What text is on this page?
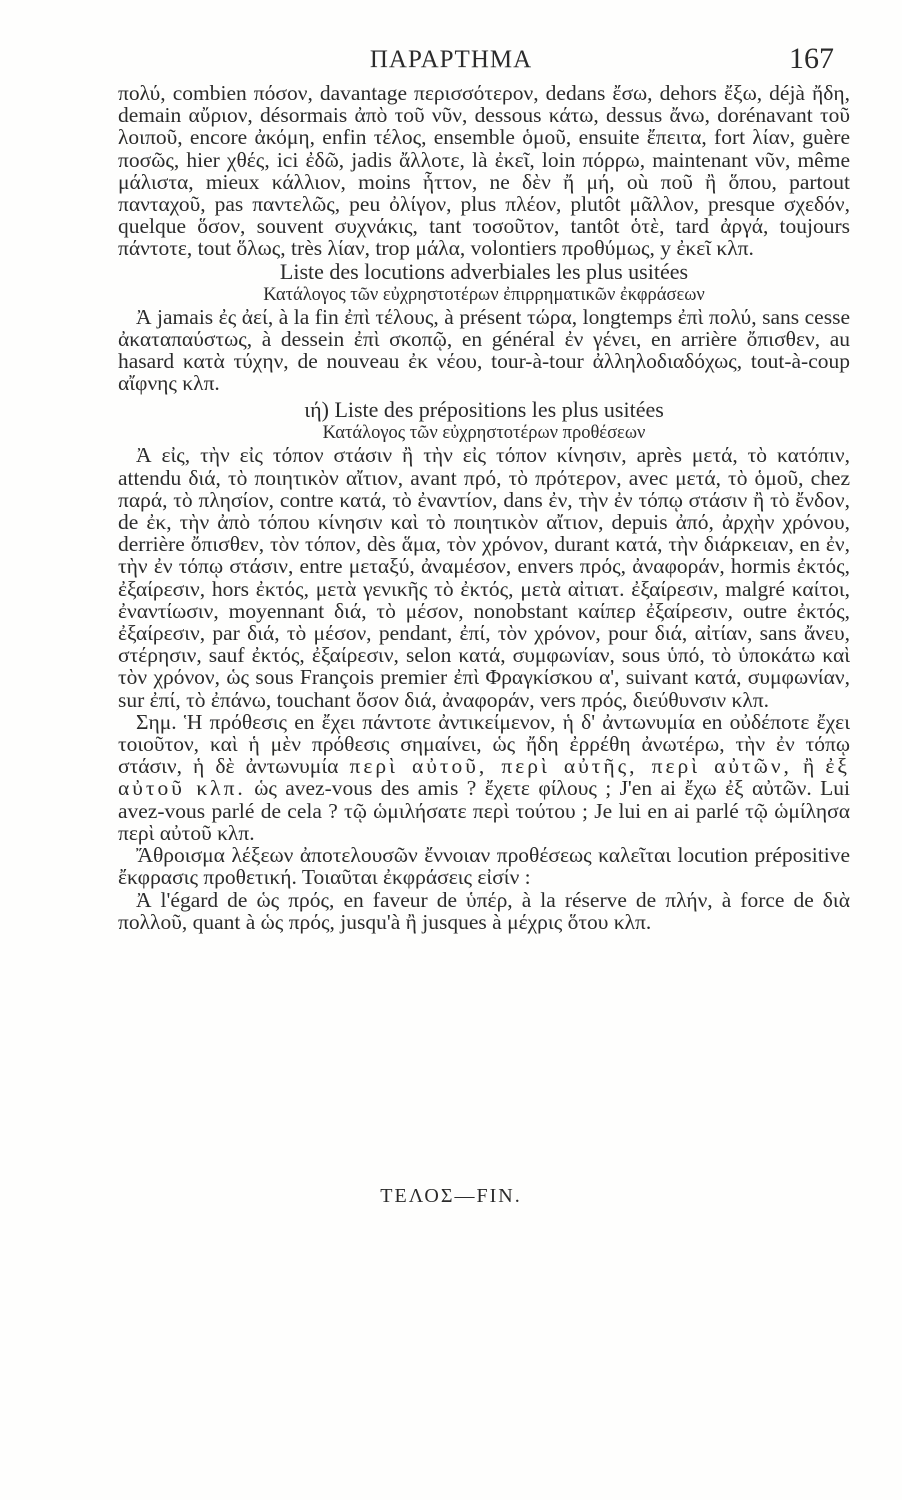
ΠΑΡΑΡΤΗΜΑ	167

πολύ, combien πόσον, davantage περισσότερον, dedans ἔσω, dehors ἔξω, déjà ἤδη, demain αὔριον, désormais ἀπὸ τοῦ νῦν, dessous κάτω, dessus ἄνω, dorénavant τοῦ λοιποῦ, encore ἀκόμη, enfin τέλος, ensemble ὁμοῦ, ensuite ἔπειτα, fort λίαν, guère ποσῶς, hier χθές, ici ἐδῶ, jadis ἄλλοτε, là ἐκεῖ, loin πόρρω, maintenant νῦν, même μάλιστα, mieux κάλλιον, moins ἧττον, ne δὲν ἤ μή, où ποῦ ἢ ὅπου, partout πανταχοῦ, pas παντελῶς, peu ὀλίγον, plus πλέον, plutôt μᾶλλον, presque σχεδόν, quelque ὅσον, souvent συχνάκις, tant τοσοῦτον, tantôt ὁτὲ, tard ἀργά, toujours πάντοτε, tout ὅλως, très λίαν, trop μάλα, volontiers προθύμως, y ἐκεῖ κλπ.

Liste des locutions adverbiales les plus usitées

Κατάλογος τῶν εὐχρηστοτέρων ἐπιρρηματικῶν ἐκφράσεων

Ἀ jamais ἐς ἀεί, à la fin ἐπὶ τέλους, à présent τώρα, longtemps ἐπὶ πολύ, sans cesse ἀκαταπαύστως, à dessein ἐπὶ σκοπῷ, en général ἐν γένει, en arrière ὄπισθεν, au hasard κατὰ τύχην, de nouveau ἐκ νέου, tour-à-tour ἀλληλοδιαδόχως, tout-à-coup αἴφνης κλπ.

ιή) Liste des prépositions les plus usitées

Κατάλογος τῶν εὐχρηστοτέρων προθέσεων

Ἀ εἰς, τὴν εἰς τόπον στάσιν ἢ τὴν εἰς τόπον κίνησιν, après μετά, τὸ κατόπιν, attendu διά, τὸ ποιητικὸν αἴτιον, avant πρό, τὸ πρότερον, avec μετά, τὸ ὁμοῦ, chez παρά, τὸ πλησίον, contre κατά, τὸ ἐναντίον, dans ἐν, τὴν ἐν τόπῳ στάσιν ἢ τὸ ἔνδον, de ἐκ, τὴν ἀπὸ τόπου κίνησιν καὶ τὸ ποιητικὸν αἴτιον, depuis ἀπό, ἀρχὴν χρόνου, derrière ὄπισθεν, τὸν τόπον, dès ἅμα, τὸν χρόνον, durant κατά, τὴν διάρκειαν, en ἐν, τὴν ἐν τόπῳ στάσιν, entre μεταξύ, ἀναμέσον, envers πρός, ἀναφοράν, hormis ἐκτός, ἐξαίρεσιν, hors ἐκτός, μετὰ γενικῆς τὸ ἐκτός, μετὰ αἰτιατ. ἐξαίρεσιν, malgré καίτοι, ἐναντίωσιν, moyennant διά, τὸ μέσον, nonobstant καίπερ ἐξαίρεσιν, outre ἐκτός, ἐξαίρεσιν, par διά, τὸ μέσον, pendant, ἐπί, τὸν χρόνον, pour διά, αἰτίαν, sans ἄνευ, στέρησιν, sauf ἐκτός, ἐξαίρεσιν, selon κατά, συμφωνίαν, sous ὑπό, τὸ ὑποκάτω καὶ τὸν χρόνον, ὡς sous François premier ἐπὶ Φραγκίσκου α', suivant κατά, συμφωνίαν, sur ἐπί, τὸ ἐπάνω, touchant ὅσον διά, ἀναφοράν, vers πρός, διεύθυνσιν κλπ.

Σημ. Ἡ πρόθεσις en ἔχει πάντοτε ἀντικείμενον, ἡ δ' ἀντωνυμία en οὐδέποτε ἔχει τοιοῦτον, καὶ ἡ μὲν πρόθεσις σημαίνει, ὡς ἤδη ἐρρέθη ἀνωτέρω, τὴν ἐν τόπῳ στάσιν, ἡ δὲ ἀντωνυμία περὶ αὐτοῦ, περὶ αὐτῆς, περὶ αὐτῶν, ἢ ἐξ αὐτοῦ κλπ. ὡς avez-vous des amis ? ἔχετε φίλους ; J'en ai ἔχω ἐξ αὐτῶν. Lui avez-vous parlé de cela ? τῷ ὡμιλήσατε περὶ τούτου ; Je lui en ai parlé τῷ ὡμίλησα περὶ αὐτοῦ κλπ.

Ἄθροισμα λέξεων ἀποτελουσῶν ἔννοιαν προθέσεως καλεῖται locution prépositive ἔκφρασις προθετική. Τοιαῦται ἐκφράσεις εἰσίν :

Ἀ l'égard de ὡς πρός, en faveur de ὑπέρ, à la réserve de πλήν, à force de διὰ πολλοῦ, quant à ὡς πρός, jusqu'à ἢ jusques à μέχρις ὅτου κλπ.

ΤΕΛΟΣ—FIN.
